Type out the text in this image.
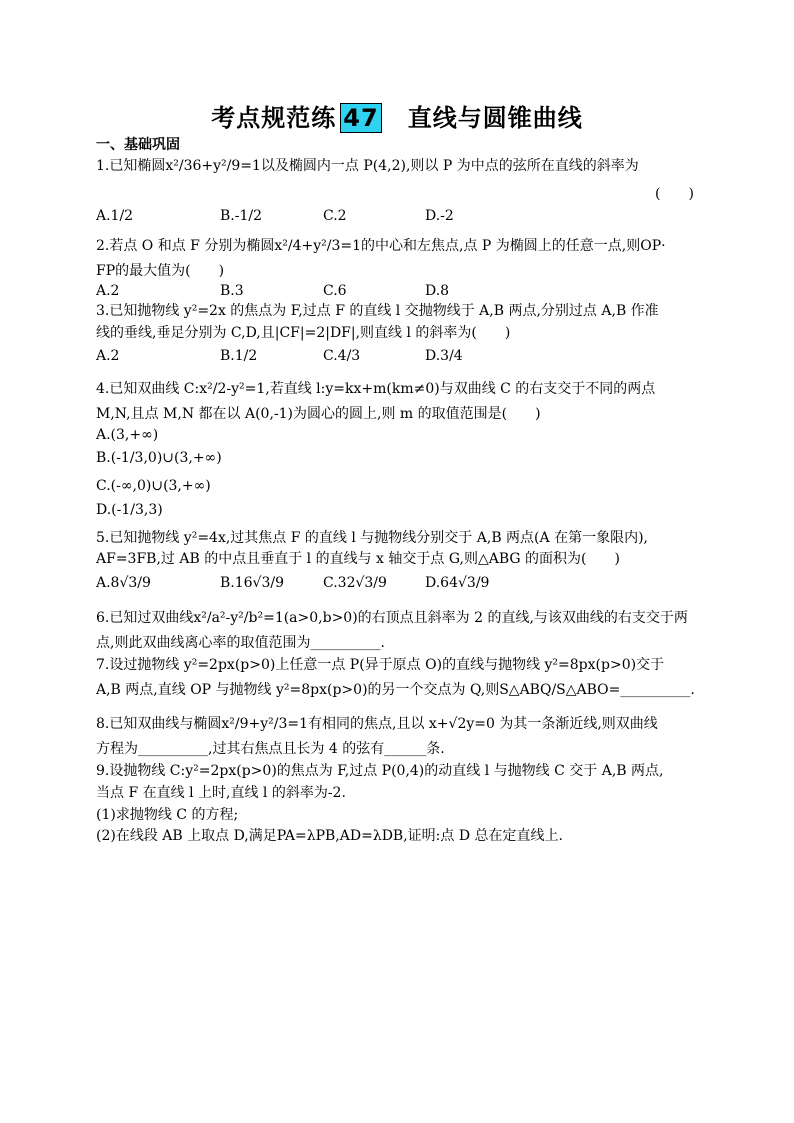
考点规范练 47 直线与圆锥曲线
一、基础巩固
1.已知椭圆x²/36+y²/9=1以及椭圆内一点 P(4,2),则以 P 为中点的弦所在直线的斜率为
(　　)
A.1/2	B.-1/2	C.2	D.-2
2.若点 O 和点 F 分别为椭圆x²/4+y²/3=1的中心和左焦点,点 P 为椭圆上的任意一点,则OP·
FP的最大值为(　　)
A.2	B.3	C.6	D.8
3.已知抛物线 y²=2x 的焦点为 F,过点 F 的直线 l 交抛物线于 A,B 两点,分别过点 A,B 作准
线的垂线,垂足分别为 C,D,且|CF|=2|DF|,则直线 l 的斜率为(　　)
A.2	B.1/2	C.4/3	D.3/4
4.已知双曲线 C:x²/2-y²=1,若直线 l:y=kx+m(km≠0)与双曲线 C 的右支交于不同的两点
M,N,且点 M,N 都在以 A(0,-1)为圆心的圆上,则 m 的取值范围是(　　)
A.(3,+∞)
B.(-1/3,0)∪(3,+∞)
C.(-∞,0)∪(3,+∞)
D.(-1/3,3)
5.已知抛物线 y²=4x,过其焦点 F 的直线 l 与抛物线分别交于 A,B 两点(A 在第一象限内),
AF=3FB,过 AB 的中点且垂直于 l 的直线与 x 轴交于点 G,则△ABG 的面积为(　　)
A.8√3/9	B.16√3/9	C.32√3/9	D.64√3/9
6.已知过双曲线x²/a²-y²/b²=1(a>0,b>0)的右顶点且斜率为 2 的直线,与该双曲线的右支交于两
点,则此双曲线离心率的取值范围为__________.
7.设过抛物线 y²=2px(p>0)上任意一点 P(异于原点 O)的直线与抛物线 y²=8px(p>0)交于
A,B 两点,直线 OP 与抛物线 y²=8px(p>0)的另一个交点为 Q,则S△ABQ/S△ABO=__________.
8.已知双曲线与椭圆x²/9+y²/3=1有相同的焦点,且以 x+√2y=0 为其一条渐近线,则双曲线
方程为__________,过其右焦点且长为 4 的弦有______条.
9.设抛物线 C:y²=2px(p>0)的焦点为 F,过点 P(0,4)的动直线 l 与抛物线 C 交于 A,B 两点,
当点 F 在直线 l 上时,直线 l 的斜率为-2.
(1)求抛物线 C 的方程;
(2)在线段 AB 上取点 D,满足PA=λPB,AD=λDB,证明:点 D 总在定直线上.
